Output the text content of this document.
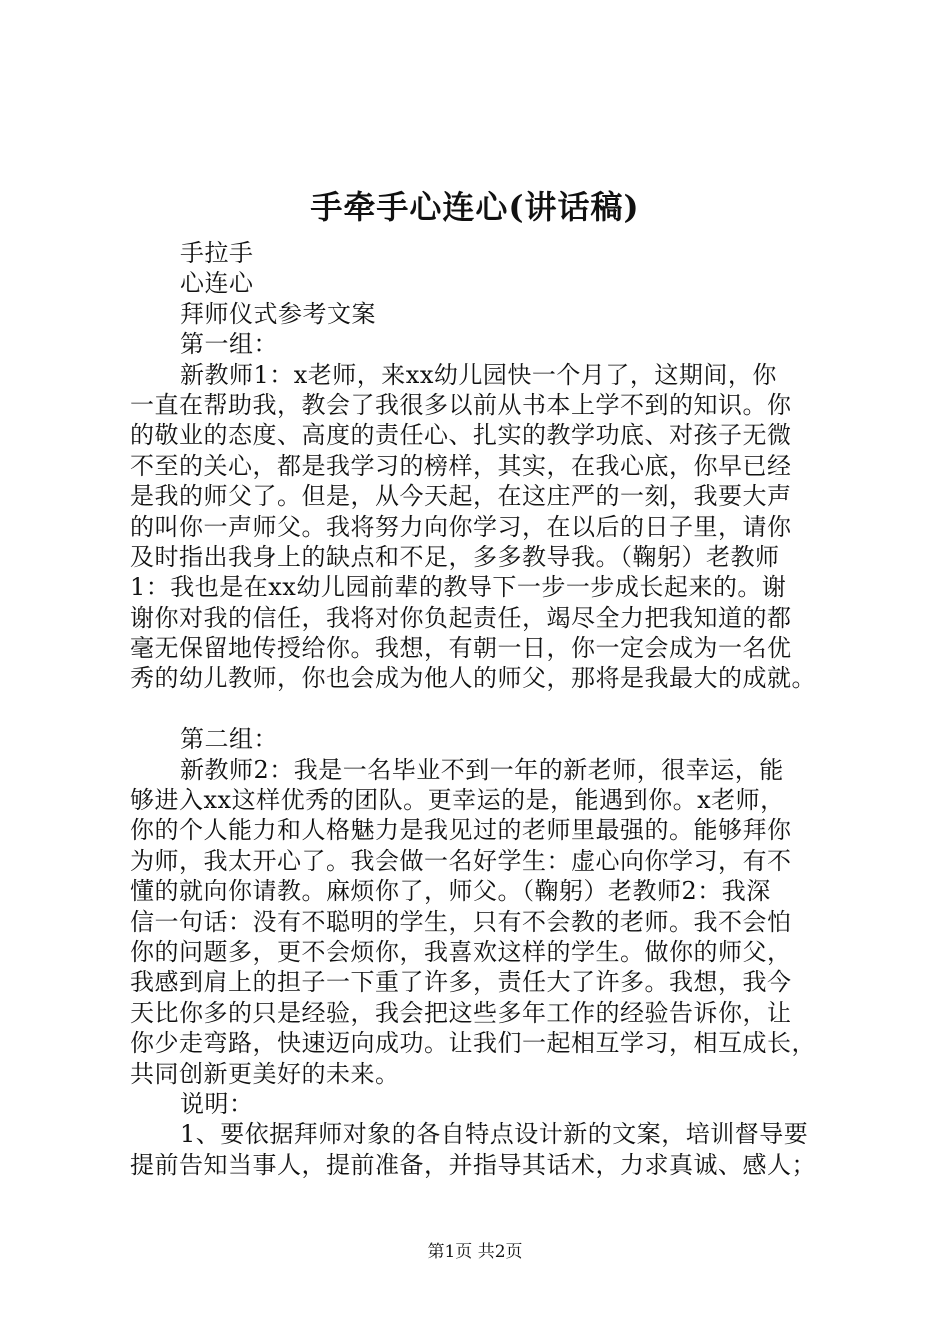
手牵手心连心(讲话稿)
手拉手
心连心
拜师仪式参考文案
第一组：
新教师1：x老师，来xx幼儿园快一个月了，这期间，你
一直在帮助我，教会了我很多以前从书本上学不到的知识。你
的敬业的态度、高度的责任心、扎实的教学功底、对孩子无微
不至的关心，都是我学习的榜样，其实，在我心底，你早已经
是我的师父了。但是，从今天起，在这庄严的一刻，我要大声
的叫你一声师父。我将努力向你学习，在以后的日子里，请你
及时指出我身上的缺点和不足，多多教导我。（鞠躬）老教师
1：我也是在xx幼儿园前辈的教导下一步一步成长起来的。谢
谢你对我的信任，我将对你负起责任，竭尽全力把我知道的都
毫无保留地传授给你。我想，有朝一日，你一定会成为一名优
秀的幼儿教师，你也会成为他人的师父，那将是我最大的成就。
第二组：
新教师2：我是一名毕业不到一年的新老师，很幸运，能
够进入xx这样优秀的团队。更幸运的是，能遇到你。x老师，
你的个人能力和人格魅力是我见过的老师里最强的。能够拜你
为师，我太开心了。我会做一名好学生：虚心向你学习，有不
懂的就向你请教。麻烦你了，师父。（鞠躬）老教师2：我深
信一句话：没有不聪明的学生，只有不会教的老师。我不会怕
你的问题多，更不会烦你，我喜欢这样的学生。做你的师父，
我感到肩上的担子一下重了许多，责任大了许多。我想，我今
天比你多的只是经验，我会把这些多年工作的经验告诉你，让
你少走弯路，快速迈向成功。让我们一起相互学习，相互成长，
共同创新更美好的未来。
说明：
1、要依据拜师对象的各自特点设计新的文案，培训督导要
提前告知当事人，提前准备，并指导其话术，力求真诚、感人；
第1页 共2页
